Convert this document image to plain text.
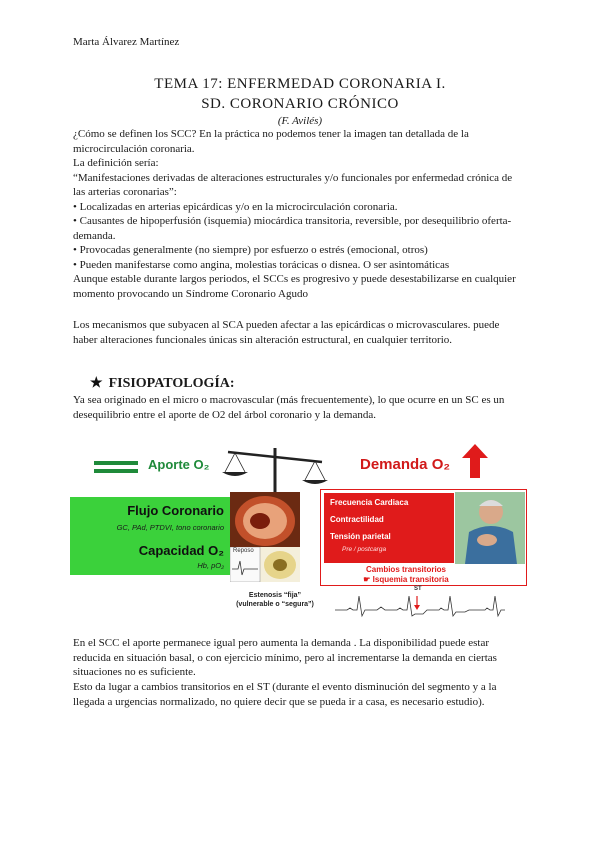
Marta Álvarez Martínez
TEMA 17: ENFERMEDAD CORONARIA I.
SD. CORONARIO CRÓNICO
(F. Avilés)
¿Cómo se definen los SCC? En la práctica no podemos tener la imagen tan detallada de la microcirculación coronaria.
La definición sería:
“Manifestaciones derivadas de alteraciones estructurales y/o funcionales por enfermedad crónica de las arterias coronarias”:
• Localizadas en arterias epicárdicas y/o en la microcirculación coronaria.
• Causantes de hipoperfusión (isquemia) miocárdica transitoria, reversible, por desequilibrio oferta-demanda.
• Provocadas generalmente (no siempre) por esfuerzo o estrés (emocional, otros)
• Pueden manifestarse como angina, molestias torácicas o disnea. O ser asintomáticas
Aunque estable durante largos periodos, el SCCs es progresivo y puede desestabilizarse en cualquier momento provocando un Síndrome Coronario Agudo
Los mecanismos que subyacen al SCA pueden afectar a las epicárdicas o microvasculares. puede haber alteraciones funcionales únicas sin alteración estructural, en cualquier territorio.
★ FISIOPATOLOGÍA:
Ya sea originado en el micro o macrovascular (más frecuentemente), lo que ocurre en un SC es un desequilibrio entre el aporte de O2 del árbol coronario y la demanda.
Aporte O₂	Demanda O₂
Flujo Coronario
GC, PAd, PTDVI, tono coronario
Capacidad O₂
Hb, pO₂
Reposo
Frecuencia Cardiaca
Contractilidad
Tensión parietal
Pre / postcarga
Cambios transitorios
☛ Isquemia transitoria
Estenosis “fija”
(vulnerable o “segura”)
ST
En el SCC el aporte permanece igual pero aumenta la demanda . La disponibilidad puede estar reducida en situación basal, o con ejercicio mínimo, pero al incrementarse la demanda en ciertas situaciones no es suficiente.
Esto da lugar a cambios transitorios en el ST (durante el evento disminución del segmento y a la llegada a urgencias normalizado, no quiere decir que se pueda ir a casa, es necesario estudio).
